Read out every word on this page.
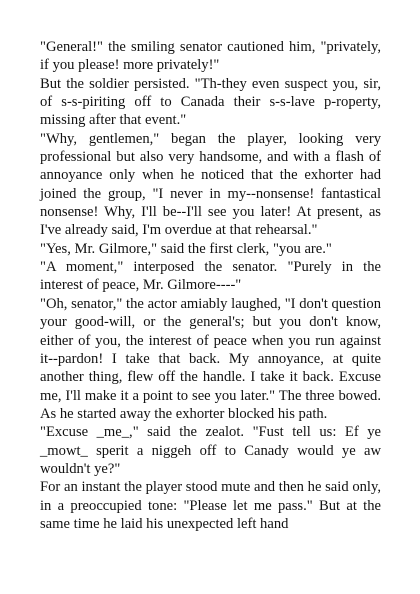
"General!" the smiling senator cautioned him, "privately, if you please! more privately!"

But the soldier persisted. "Th-they even suspect you, sir, of s-s-piriting off to Canada their s-s-lave p-roperty, missing after that event."

"Why, gentlemen," began the player, looking very professional but also very handsome, and with a flash of annoyance only when he noticed that the exhorter had joined the group, "I never in my--nonsense! fantastical nonsense! Why, I'll be--I'll see you later! At present, as I've already said, I'm overdue at that rehearsal."

"Yes, Mr. Gilmore," said the first clerk, "you are."

"A moment," interposed the senator. "Purely in the interest of peace, Mr. Gilmore----"

"Oh, senator," the actor amiably laughed, "I don't question your good-will, or the general's; but you don't know, either of you, the interest of peace when you run against it--pardon! I take that back. My annoyance, at quite another thing, flew off the handle. I take it back. Excuse me, I'll make it a point to see you later." The three bowed. As he started away the exhorter blocked his path.

"Excuse _me_," said the zealot. "Fust tell us: Ef ye _mowt_ sperit a niggeh off to Canady would ye aw wouldn't ye?"

For an instant the player stood mute and then he said only, in a preoccupied tone: "Please let me pass." But at the same time he laid his unexpected left hand
